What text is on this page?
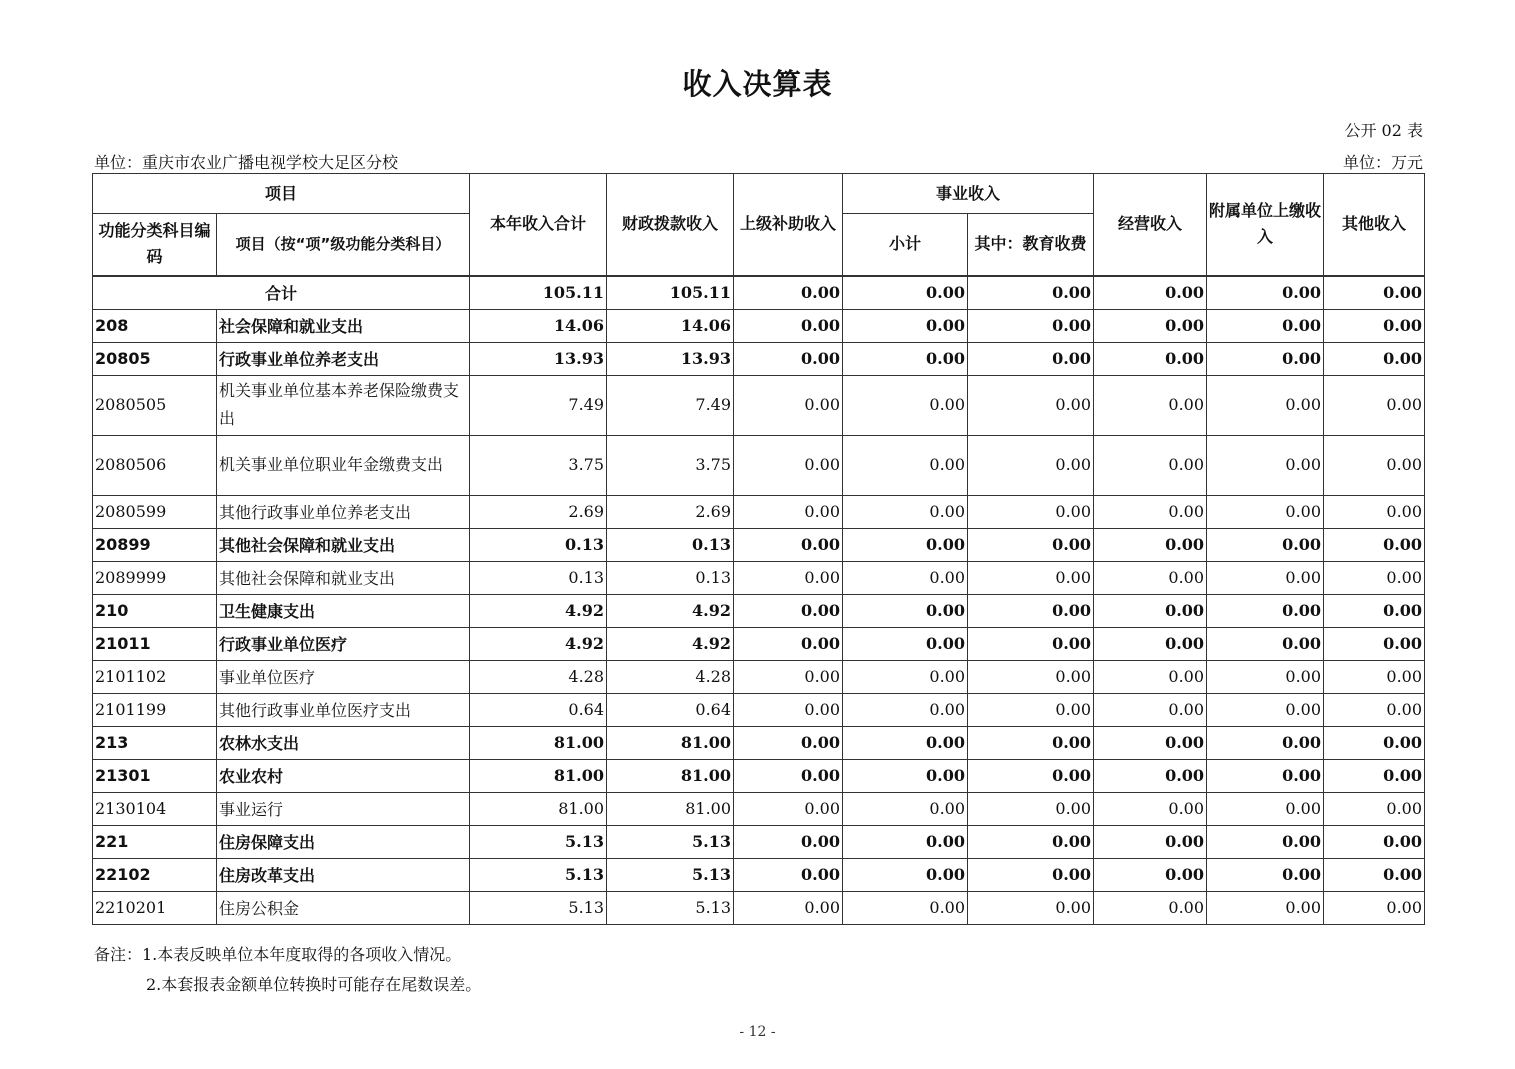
收入决算表
公开 02 表
单位：重庆市农业广播电视学校大足区分校	单位：万元
项目		本年收入合计	财政拨款收入	上级补助收入	事业收入		经营收入	附属单位上缴收入	其他收入
功能分类科目编码	项目（按“项”级功能分类科目）				小计	其中：教育收费			
合计		105.11	105.11	0.00	0.00	0.00	0.00	0.00	0.00
208	社会保障和就业支出	14.06	14.06	0.00	0.00	0.00	0.00	0.00	0.00
20805	行政事业单位养老支出	13.93	13.93	0.00	0.00	0.00	0.00	0.00	0.00
2080505	机关事业单位基本养老保险缴费支出	7.49	7.49	0.00	0.00	0.00	0.00	0.00	0.00
2080506	机关事业单位职业年金缴费支出	3.75	3.75	0.00	0.00	0.00	0.00	0.00	0.00
2080599	其他行政事业单位养老支出	2.69	2.69	0.00	0.00	0.00	0.00	0.00	0.00
20899	其他社会保障和就业支出	0.13	0.13	0.00	0.00	0.00	0.00	0.00	0.00
2089999	其他社会保障和就业支出	0.13	0.13	0.00	0.00	0.00	0.00	0.00	0.00
210	卫生健康支出	4.92	4.92	0.00	0.00	0.00	0.00	0.00	0.00
21011	行政事业单位医疗	4.92	4.92	0.00	0.00	0.00	0.00	0.00	0.00
2101102	事业单位医疗	4.28	4.28	0.00	0.00	0.00	0.00	0.00	0.00
2101199	其他行政事业单位医疗支出	0.64	0.64	0.00	0.00	0.00	0.00	0.00	0.00
213	农林水支出	81.00	81.00	0.00	0.00	0.00	0.00	0.00	0.00
21301	农业农村	81.00	81.00	0.00	0.00	0.00	0.00	0.00	0.00
2130104	事业运行	81.00	81.00	0.00	0.00	0.00	0.00	0.00	0.00
221	住房保障支出	5.13	5.13	0.00	0.00	0.00	0.00	0.00	0.00
22102	住房改革支出	5.13	5.13	0.00	0.00	0.00	0.00	0.00	0.00
2210201	住房公积金	5.13	5.13	0.00	0.00	0.00	0.00	0.00	0.00
备注：1.本表反映单位本年度取得的各项收入情况。
2.本套报表金额单位转换时可能存在尾数误差。
- 12 -
